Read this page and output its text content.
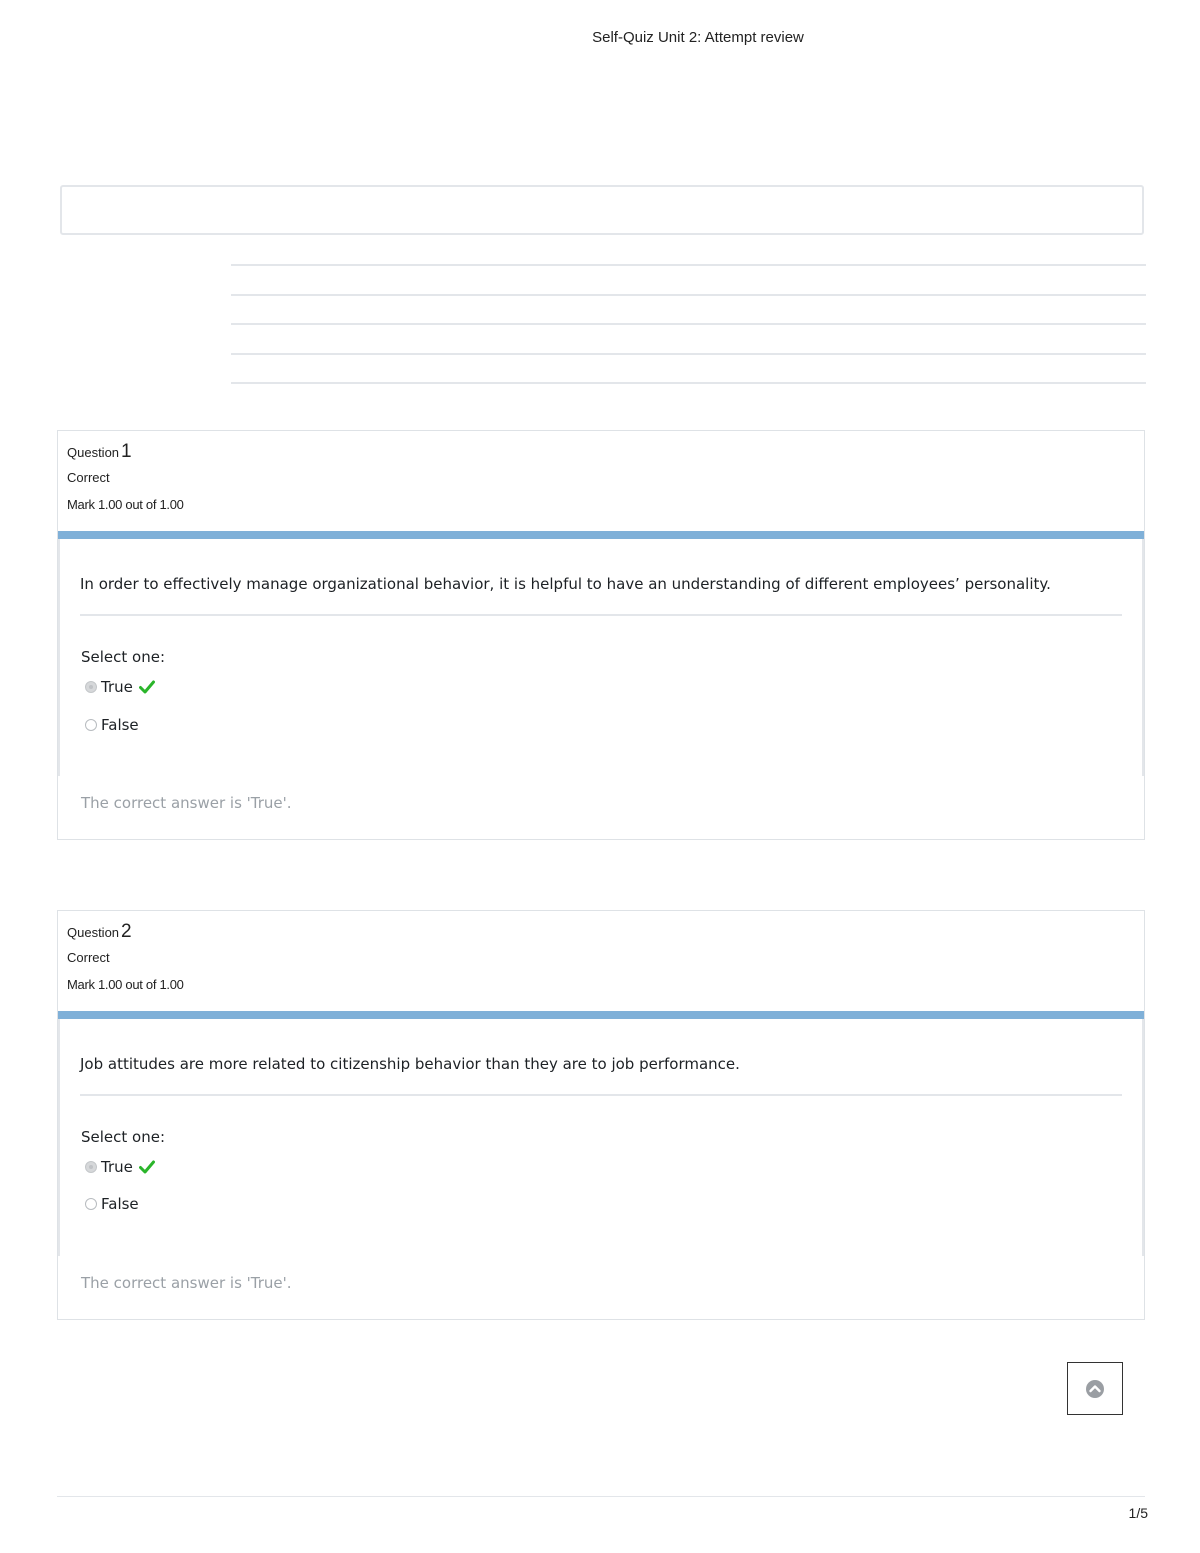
Self-Quiz Unit 2: Attempt review
Question 1
Correct
Mark 1.00 out of 1.00
In order to effectively manage organizational behavior, it is helpful to have an understanding of different employees’ personality.
Select one:
True
False
The correct answer is 'True'.
Question 2
Correct
Mark 1.00 out of 1.00
Job attitudes are more related to citizenship behavior than they are to job performance.
Select one:
True
False
The correct answer is 'True'.
1/5
